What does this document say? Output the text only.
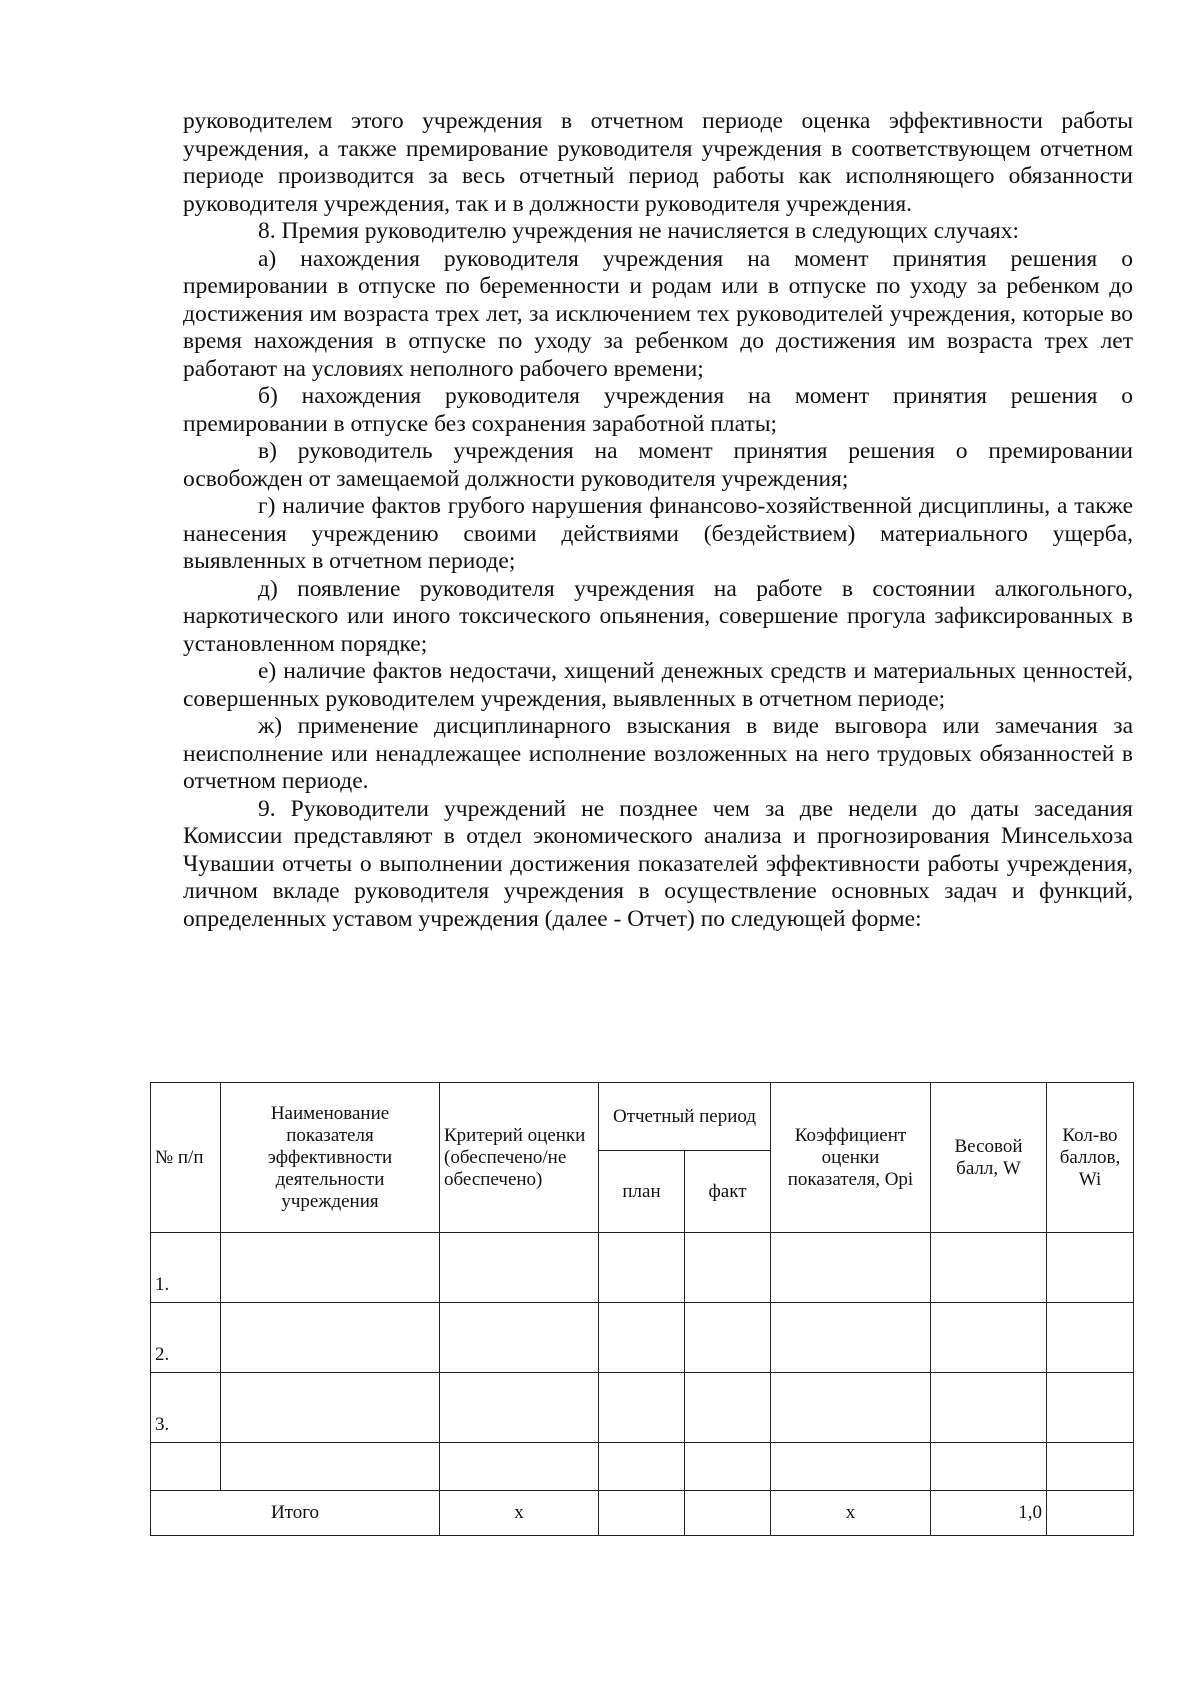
руководителем этого учреждения в отчетном периоде оценка эффективности работы учреждения, а также премирование руководителя учреждения в соответствующем отчетном периоде производится за весь отчетный период работы как исполняющего обязанности руководителя учреждения, так и в должности руководителя учреждения.

8. Премия руководителю учреждения не начисляется в следующих случаях:

а) нахождения руководителя учреждения на момент принятия решения о премировании в отпуске по беременности и родам или в отпуске по уходу за ребенком до достижения им возраста трех лет, за исключением тех руководителей учреждения, которые во время нахождения в отпуске по уходу за ребенком до достижения им возраста трех лет работают на условиях неполного рабочего времени;

б) нахождения руководителя учреждения на момент принятия решения о премировании в отпуске без сохранения заработной платы;

в) руководитель учреждения на момент принятия решения о премировании освобожден от замещаемой должности руководителя учреждения;

г) наличие фактов грубого нарушения финансово-хозяйственной дисциплины, а также нанесения учреждению своими действиями (бездействием) материального ущерба, выявленных в отчетном периоде;

д) появление руководителя учреждения на работе в состоянии алкогольного, наркотического или иного токсического опьянения, совершение прогула зафиксированных в установленном порядке;

е) наличие фактов недостачи, хищений денежных средств и материальных ценностей, совершенных руководителем учреждения, выявленных в отчетном периоде;

ж) применение дисциплинарного взыскания в виде выговора или замечания за неисполнение или ненадлежащее исполнение возложенных на него трудовых обязанностей в отчетном периоде.

9. Руководители учреждений не позднее чем за две недели до даты заседания Комиссии представляют в отдел экономического анализа и прогнозирования Минсельхоза Чувашии отчеты о выполнении достижения показателей эффективности работы учреждения, личном вкладе руководителя учреждения в осуществление основных задач и функций, определенных уставом учреждения (далее - Отчет) по следующей форме:

№ п/п	Наименование показателя эффективности деятельности учреждения	Критерий оценки (обеспечено/не обеспечено)	Отчетный период		Коэффициент оценки показателя, Opi	Весовой балл, W	Кол-во баллов, Wi
			план	факт			
1.							
2.							
3.							

Итого		x			x	1,0	
